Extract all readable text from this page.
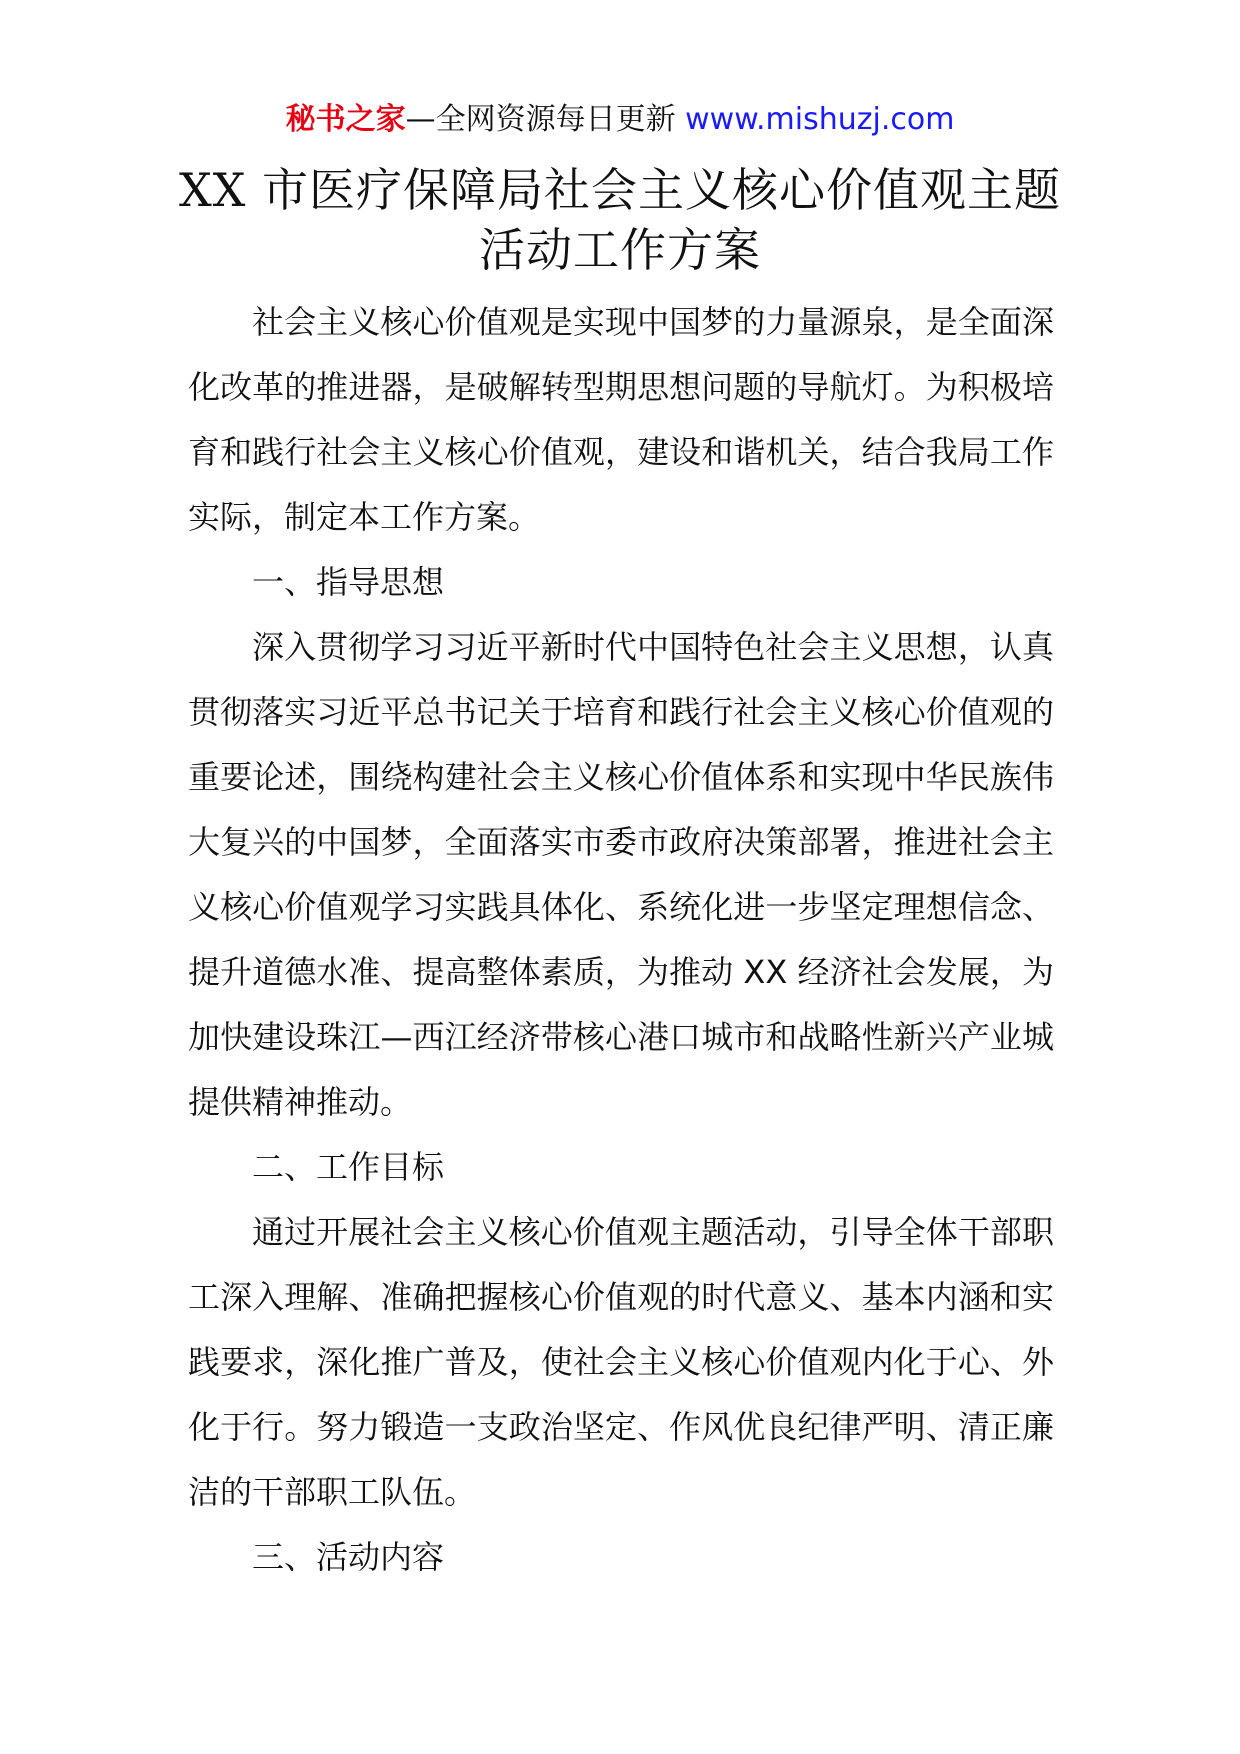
秘书之家—全网资源每日更新 www.mishuzj.com
XX 市医疗保障局社会主义核心价值观主题
活动工作方案

社会主义核心价值观是实现中国梦的力量源泉，是全面深化改革的推进器，是破解转型期思想问题的导航灯。为积极培育和践行社会主义核心价值观，建设和谐机关，结合我局工作实际，制定本工作方案。

一、指导思想

深入贯彻学习习近平新时代中国特色社会主义思想，认真贯彻落实习近平总书记关于培育和践行社会主义核心价值观的重要论述，围绕构建社会主义核心价值体系和实现中华民族伟大复兴的中国梦，全面落实市委市政府决策部署，推进社会主义核心价值观学习实践具体化、系统化进一步坚定理想信念、提升道德水准、提高整体素质，为推动 XX 经济社会发展，为加快建设珠江—西江经济带核心港口城市和战略性新兴产业城提供精神推动。

二、工作目标

通过开展社会主义核心价值观主题活动，引导全体干部职工深入理解、准确把握核心价值观的时代意义、基本内涵和实践要求，深化推广普及，使社会主义核心价值观内化于心、外化于行。努力锻造一支政治坚定、作风优良纪律严明、清正廉洁的干部职工队伍。

三、活动内容
